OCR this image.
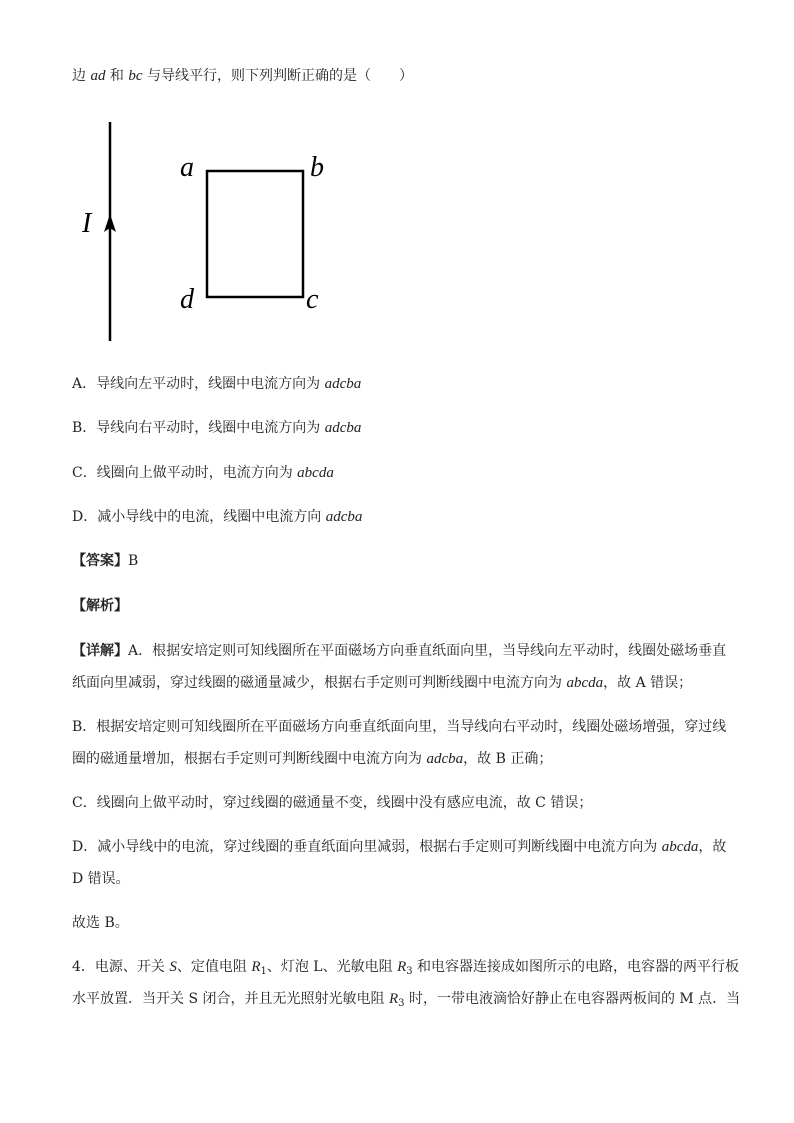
边 ad 和 bc 与导线平行，则下列判断正确的是（　　）
I
a	b
d	c
A．导线向左平动时，线圈中电流方向为 adcba
B．导线向右平动时，线圈中电流方向为 adcba
C．线圈向上做平动时，电流方向为 abcda
D．减小导线中的电流，线圈中电流方向 adcba
【答案】B
【解析】
【详解】A．根据安培定则可知线圈所在平面磁场方向垂直纸面向里，当导线向左平动时，线圈处磁场垂直
纸面向里减弱，穿过线圈的磁通量减少，根据右手定则可判断线圈中电流方向为 abcda，故 A 错误；
B．根据安培定则可知线圈所在平面磁场方向垂直纸面向里，当导线向右平动时，线圈处磁场增强，穿过线
圈的磁通量增加，根据右手定则可判断线圈中电流方向为 adcba，故 B 正确；
C．线圈向上做平动时，穿过线圈的磁通量不变，线圈中没有感应电流，故 C 错误；
D．减小导线中的电流，穿过线圈的垂直纸面向里减弱，根据右手定则可判断线圈中电流方向为 abcda，故
D 错误。
故选 B。
4．电源、开关 S、定值电阻 $R_1$、灯泡 L、光敏电阻 $R_3$ 和电容器连接成如图所示的电路，电容器的两平行板
水平放置．当开关 S 闭合，并且无光照射光敏电阻 $R_3$ 时，一带电液滴恰好静止在电容器两板间的 M 点．当
